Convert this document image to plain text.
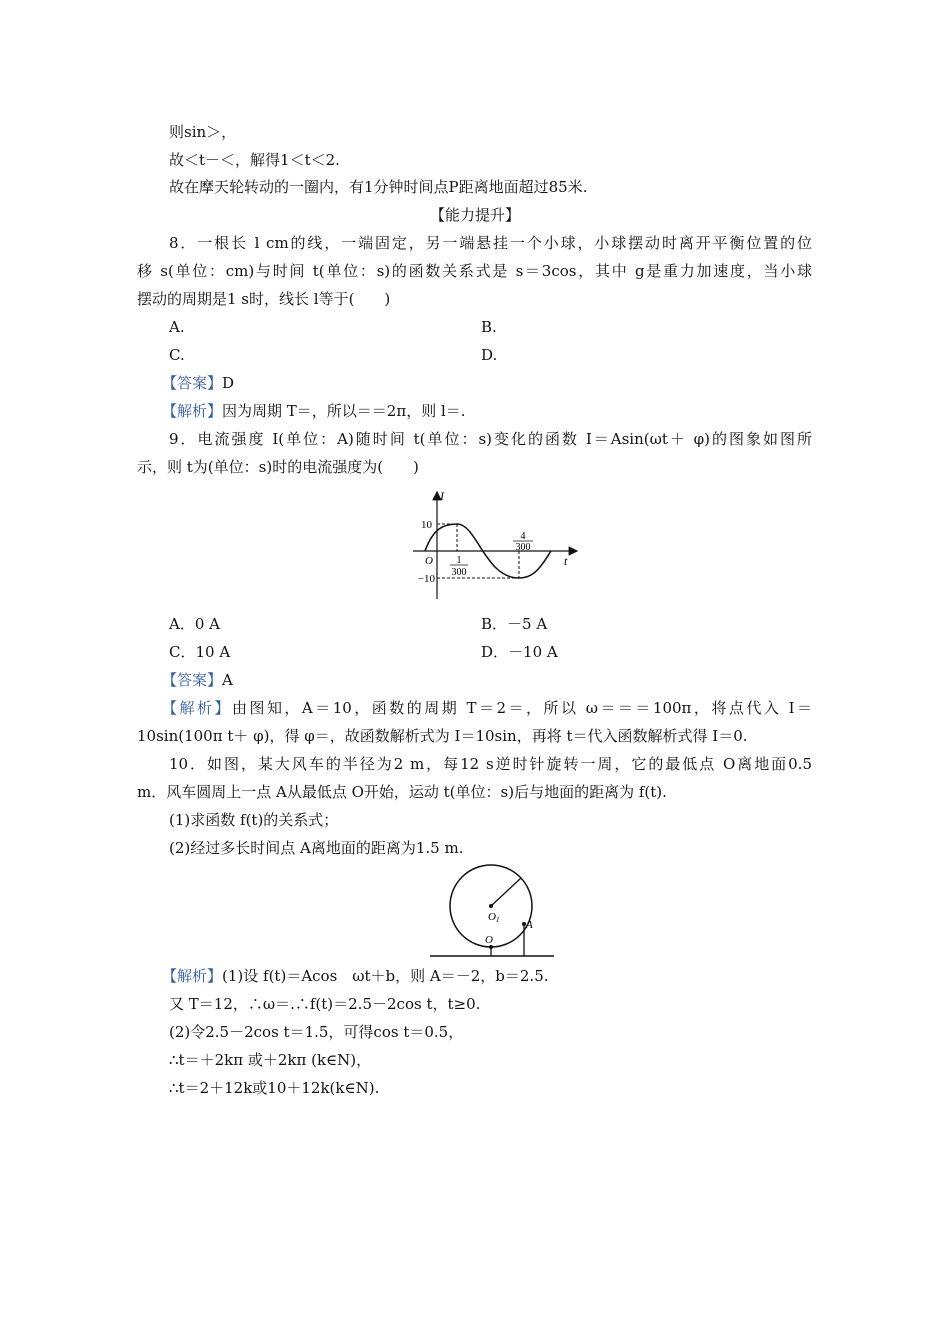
则sin＞，
故＜t－＜，解得1＜t＜2.
故在摩天轮转动的一圈内，有1分钟时间点P距离地面超过85米.
【能力提升】
8．一根长 l cm的线，一端固定，另一端悬挂一个小球，小球摆动时离开平衡位置的位
移 s(单位：cm)与时间 t(单位：s)的函数关系式是 s＝3cos，其中 g是重力加速度，当小球
摆动的周期是1 s时，线长 l等于(　　)
A.	B.
C.	D.
【答案】D
【解析】因为周期 T＝，所以＝＝2π，则 l＝.
9．电流强度 I(单位：A)随时间 t(单位：s)变化的函数 I＝Asin(ωt＋ φ)的图象如图所
示，则 t为(单位：s)时的电流强度为(　　)
I
t
10
−10
O 1
300
4
300
A．0 A	B．－5 A
C．10 A	D．－10 A
【答案】A
【解析】由图知，A＝10，函数的周期 T＝2＝，所以 ω＝＝＝100π，将点代入 I＝
10sin(100π t＋ φ)，得 φ＝，故函数解析式为 I＝10sin，再将 t＝代入函数解析式得 I＝0.
10．如图，某大风车的半径为2 m，每12 s逆时针旋转一周，它的最低点 O离地面0.5
m．风车圆周上一点 A从最低点 O开始，运动 t(单位：s)后与地面的距离为 f(t).
(1)求函数 f(t)的关系式；
(2)经过多长时间点 A离地面的距离为1.5 m.
O1 A
O
【解析】(1)设 f(t)＝Acos　ωt＋b，则 A＝－2，b＝2.5.
又 T＝12，∴ω＝.∴f(t)＝2.5－2cos t，t≥0.
(2)令2.5－2cos t＝1.5，可得cos t＝0.5，
∴t＝＋2kπ 或＋2kπ (k∈N)，
∴t＝2＋12k或10＋12k(k∈N).
